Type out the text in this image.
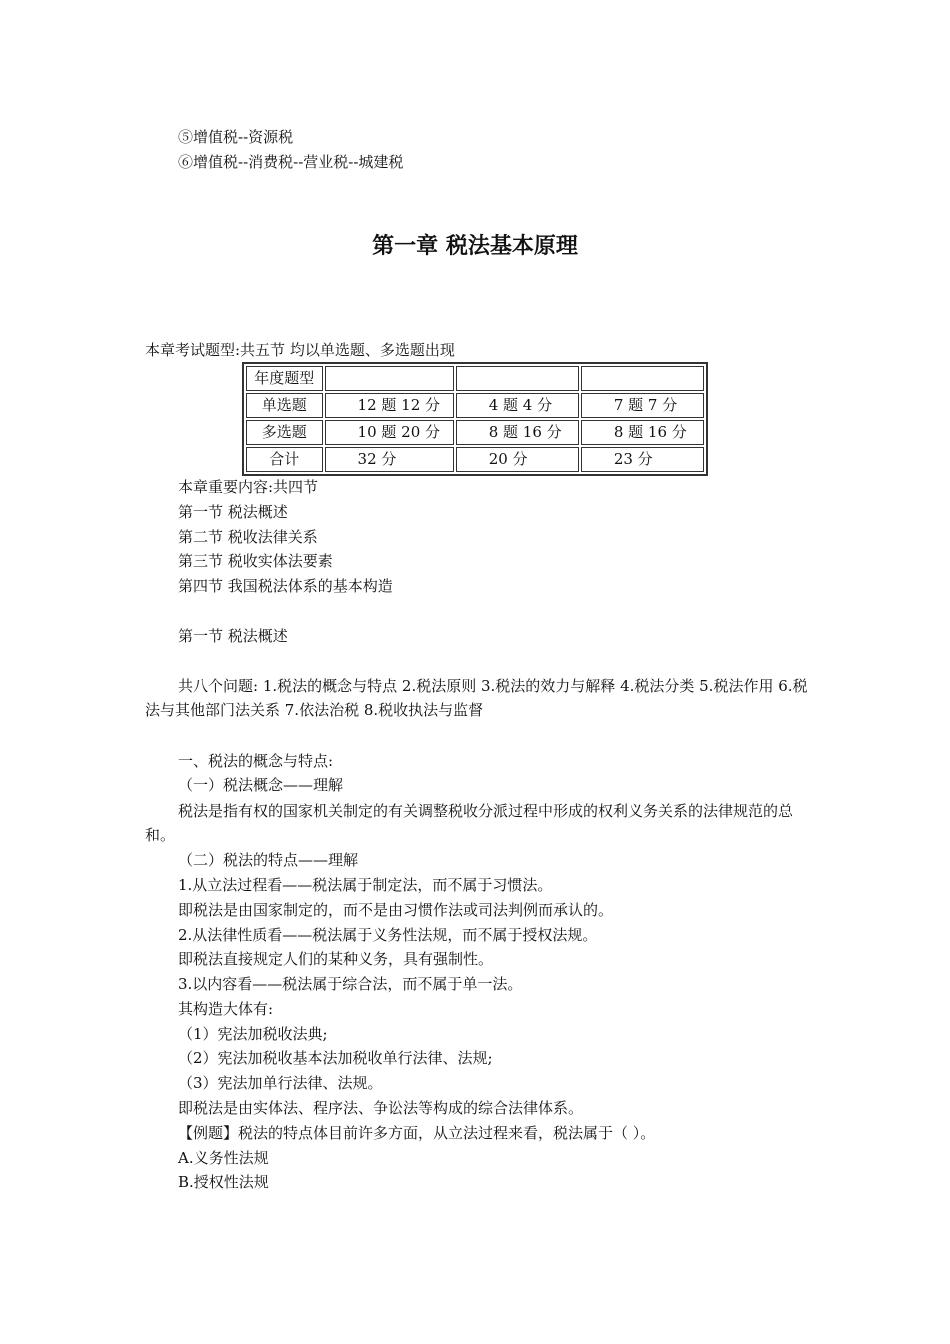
⑤增值税--资源税
⑥增值税--消费税--营业税--城建税
第一章 税法基本原理
本章考试题型:共五节 均以单选题、多选题出现
年度题型			
单选题	12 题 12 分	4 题 4 分	7 题 7 分
多选题	10 题 20 分	8 题 16 分	8 题 16 分
合计	32 分	20 分	23 分
本章重要内容:共四节
第一节 税法概述
第二节 税收法律关系
第三节 税收实体法要素
第四节 我国税法体系的基本构造
第一节 税法概述
共八个问题: 1.税法的概念与特点 2.税法原则 3.税法的效力与解释 4.税法分类 5.税法作用 6.税法与其他部门法关系 7.依法治税 8.税收执法与监督
一、税法的概念与特点:
（一）税法概念——理解
税法是指有权的国家机关制定的有关调整税收分派过程中形成的权利义务关系的法律规范的总和。
（二）税法的特点——理解
1.从立法过程看——税法属于制定法，而不属于习惯法。
即税法是由国家制定的，而不是由习惯作法或司法判例而承认的。
2.从法律性质看——税法属于义务性法规，而不属于授权法规。
即税法直接规定人们的某种义务，具有强制性。
3.以内容看——税法属于综合法，而不属于单一法。
其构造大体有:
（1）宪法加税收法典;
（2）宪法加税收基本法加税收单行法律、法规;
（3）宪法加单行法律、法规。
即税法是由实体法、程序法、争讼法等构成的综合法律体系。
【例题】税法的特点体目前许多方面，从立法过程来看，税法属于（ ）。
A.义务性法规
B.授权性法规
